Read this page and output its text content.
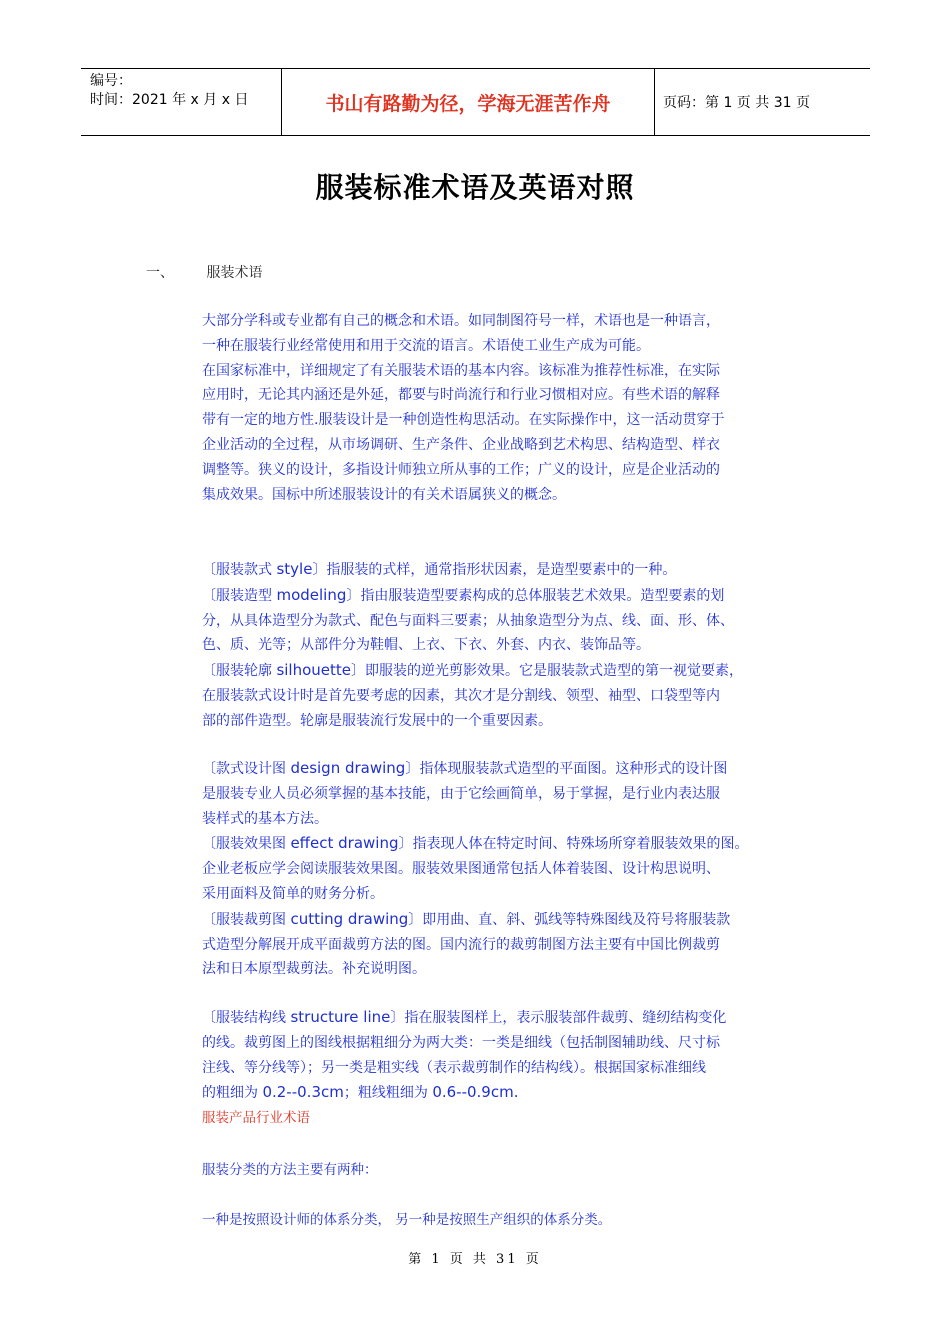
编号：
时间：2021 年 x 月 x 日	书山有路勤为径，学海无涯苦作舟	页码：第 1 页 共 31 页
服装标准术语及英语对照
一、 服装术语

大部分学科或专业都有自己的概念和术语。如同制图符号一样，术语也是一种语言，

一种在服装行业经常使用和用于交流的语言。术语使工业生产成为可能。

在国家标准中，详细规定了有关服装术语的基本内容。该标准为推荐性标准，在实际

应用时，无论其内涵还是外延，都要与时尚流行和行业习惯相对应。有些术语的解释

带有一定的地方性.服装设计是一种创造性构思活动。在实际操作中，这一活动贯穿于

企业活动的全过程，从市场调研、生产条件、企业战略到艺术构思、结构造型、样衣

调整等。狭义的设计，多指设计师独立所从事的工作；广义的设计，应是企业活动的

集成效果。国标中所述服装设计的有关术语属狭义的概念。

〔服装款式 style〕指服装的式样，通常指形状因素，是造型要素中的一种。

〔服装造型 modeling〕指由服装造型要素构成的总体服装艺术效果。造型要素的划

分，从具体造型分为款式、配色与面料三要素；从抽象造型分为点、线、面、形、体、

色、质、光等；从部件分为鞋帽、上衣、下衣、外套、内衣、装饰品等。

〔服装轮廓 silhouette〕即服装的逆光剪影效果。它是服装款式造型的第一视觉要素，

在服装款式设计时是首先要考虑的因素，其次才是分割线、领型、袖型、口袋型等内

部的部件造型。轮廓是服装流行发展中的一个重要因素。

〔款式设计图 design drawing〕指体现服装款式造型的平面图。这种形式的设计图

是服装专业人员必须掌握的基本技能，由于它绘画简单，易于掌握，是行业内表达服

装样式的基本方法。

〔服装效果图 effect drawing〕指表现人体在特定时间、特殊场所穿着服装效果的图。

企业老板应学会阅读服装效果图。服装效果图通常包括人体着装图、设计构思说明、

采用面料及简单的财务分析。

〔服装裁剪图 cutting drawing〕即用曲、直、斜、弧线等特殊图线及符号将服装款

式造型分解展开成平面裁剪方法的图。国内流行的裁剪制图方法主要有中国比例裁剪

法和日本原型裁剪法。补充说明图。

〔服装结构线 structure line〕指在服装图样上，表示服装部件裁剪、缝纫结构变化

的线。裁剪图上的图线根据粗细分为两大类：一类是细线（包括制图辅助线、尺寸标

注线、等分线等）；另一类是粗实线（表示裁剪制作的结构线）。根据国家标准细线

的粗细为 0.2--0.3cm；粗线粗细为 0.6--0.9cm.

服装产品行业术语

服装分类的方法主要有两种：
一种是按照设计师的体系分类， 另一种是按照生产组织的体系分类。
第 1 页 共 31 页
